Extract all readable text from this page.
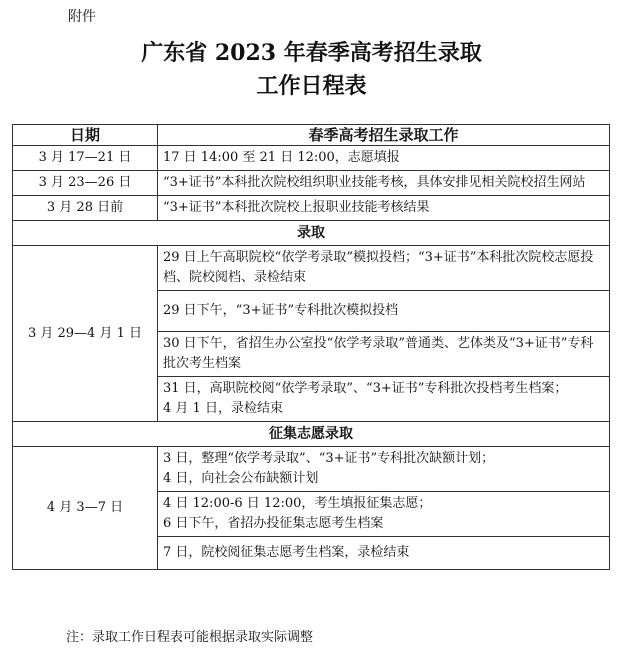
附件
广东省 2023 年春季高考招生录取
工作日程表
日期	春季高考招生录取工作
3 月 17—21 日	17 日 14:00 至 21 日 12:00，志愿填报
3 月 23—26 日	“3+证书”本科批次院校组织职业技能考核，具体安排见相关院校招生网站
3 月 28 日前	“3+证书”本科批次院校上报职业技能考核结果
录取	
3 月 29—4 月 1 日	29 日上午高职院校“依学考录取”模拟投档；“3+证书”本科批次院校志愿投档、院校阅档、录检结束
	29 日下午，“3+证书”专科批次模拟投档
	30 日下午，省招生办公室投“依学考录取”普通类、艺体类及“3+证书”专科批次考生档案
	31 日，高职院校阅“依学考录取”、“3+证书”专科批次投档考生档案；
4 月 1 日，录检结束
征集志愿录取	
4 月 3—7 日	3 日，整理“依学考录取”、“3+证书”专科批次缺额计划；
4 日，向社会公布缺额计划
	4 日 12:00-6 日 12:00，考生填报征集志愿；
6 日下午，省招办投征集志愿考生档案
	7 日，院校阅征集志愿考生档案，录检结束
注：录取工作日程表可能根据录取实际调整
